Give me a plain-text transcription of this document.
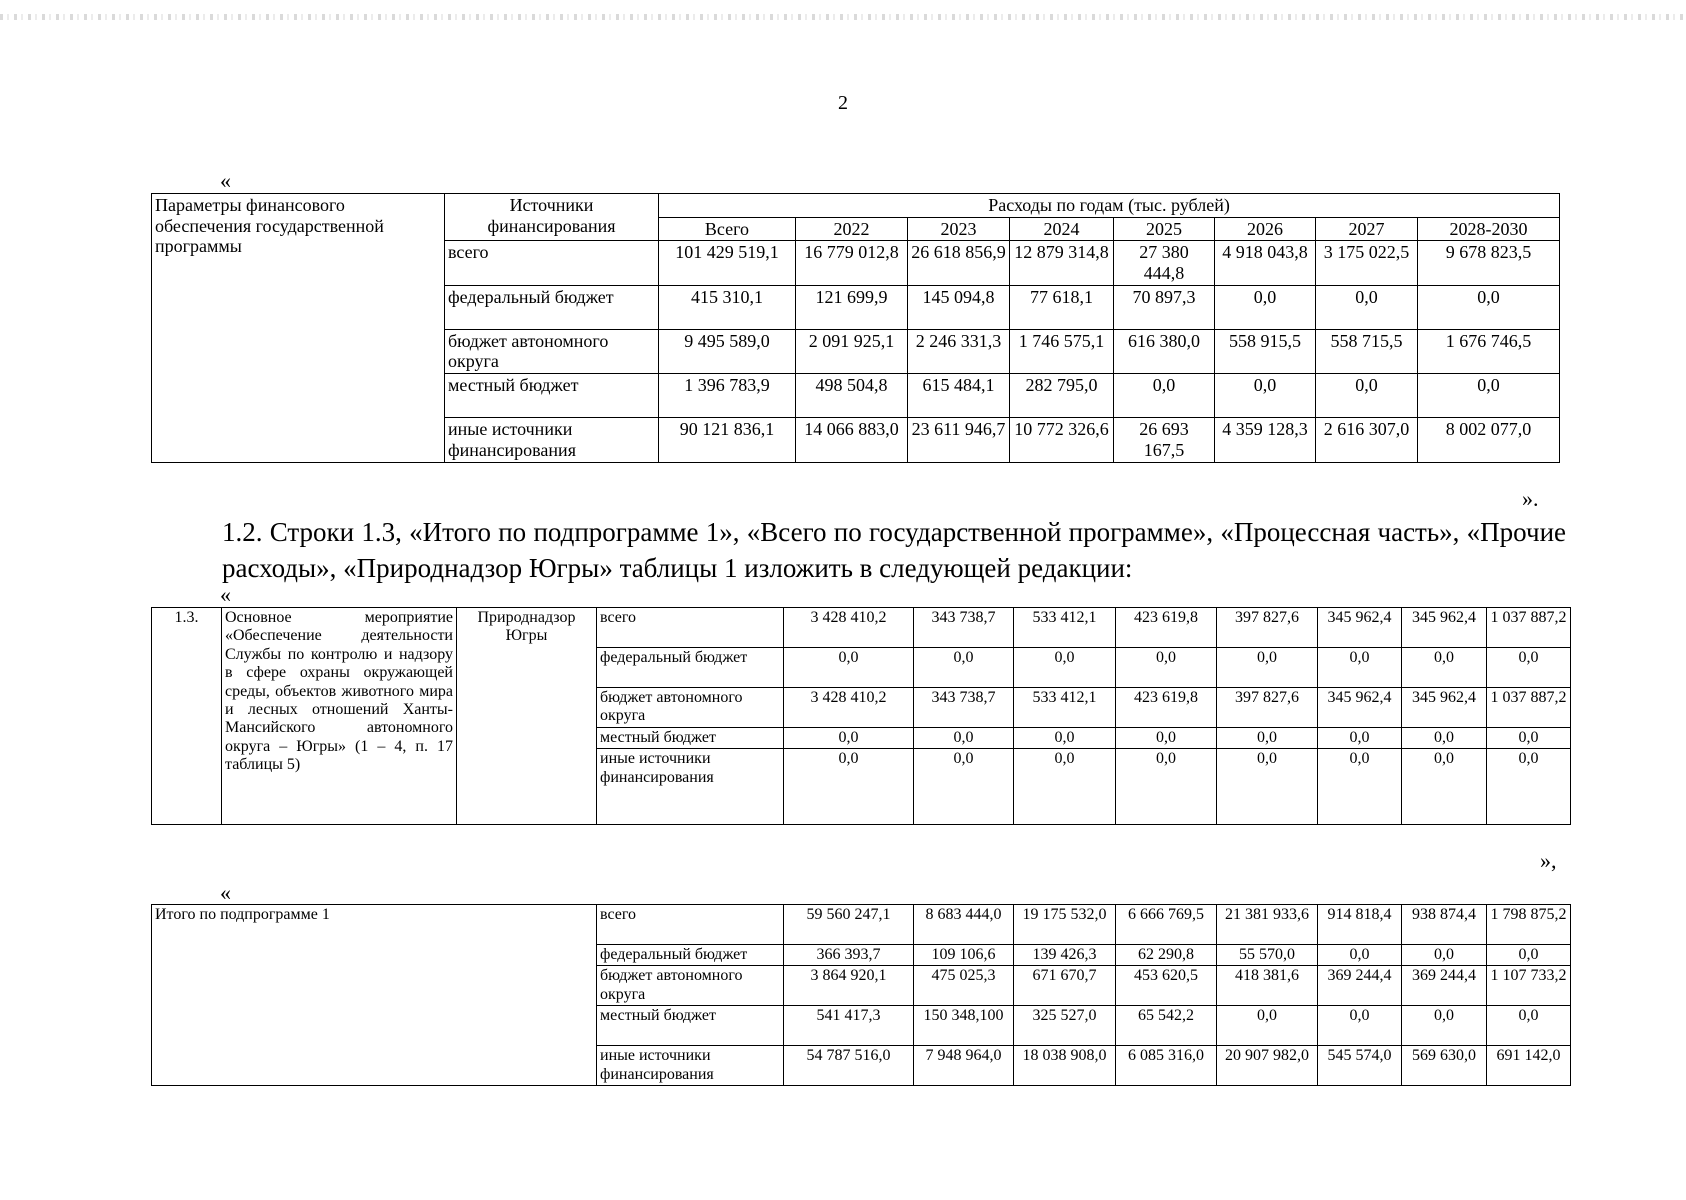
2
«
Параметры финансового обеспечения государственной программы	Источники финансирования	Расходы по годам (тыс. рублей)							
		Всего	2022	2023	2024	2025	2026	2027	2028-2030
	всего	101 429 519,1	16 779 012,8	26 618 856,9	12 879 314,8	27 380 444,8	4 918 043,8	3 175 022,5	9 678 823,5
	федеральный бюджет	415 310,1	121 699,9	145 094,8	77 618,1	70 897,3	0,0	0,0	0,0
	бюджет автономного округа	9 495 589,0	2 091 925,1	2 246 331,3	1 746 575,1	616 380,0	558 915,5	558 715,5	1 676 746,5
	местный бюджет	1 396 783,9	498 504,8	615 484,1	282 795,0	0,0	0,0	0,0	0,0
	иные источники финансирования	90 121 836,1	14 066 883,0	23 611 946,7	10 772 326,6	26 693 167,5	4 359 128,3	2 616 307,0	8 002 077,0
».
1.2. Строки 1.3, «Итого по подпрограмме 1», «Всего по государственной программе», «Процессная часть», «Прочие расходы», «Природнадзор Югры» таблицы 1 изложить в следующей редакции:
«
1.3.	Основное мероприятие «Обеспечение деятельности Службы по контролю и надзору в сфере охраны окружающей среды, объектов животного мира и лесных отношений Ханты-Мансийского автономного округа – Югры» (1 – 4, п. 17 таблицы 5)	Природнадзор Югры	всего	3 428 410,2	343 738,7	533 412,1	423 619,8	397 827,6	345 962,4	345 962,4	1 037 887,2
			федеральный бюджет	0,0	0,0	0,0	0,0	0,0	0,0	0,0	0,0
			бюджет автономного округа	3 428 410,2	343 738,7	533 412,1	423 619,8	397 827,6	345 962,4	345 962,4	1 037 887,2
			местный бюджет	0,0	0,0	0,0	0,0	0,0	0,0	0,0	0,0
			иные источники финансирования	0,0	0,0	0,0	0,0	0,0	0,0	0,0	0,0
»,
«
Итого по подпрограмме 1	всего	59 560 247,1	8 683 444,0	19 175 532,0	6 666 769,5	21 381 933,6	914 818,4	938 874,4	1 798 875,2
	федеральный бюджет	366 393,7	109 106,6	139 426,3	62 290,8	55 570,0	0,0	0,0	0,0
	бюджет автономного округа	3 864 920,1	475 025,3	671 670,7	453 620,5	418 381,6	369 244,4	369 244,4	1 107 733,2
	местный бюджет	541 417,3	150 348,100	325 527,0	65 542,2	0,0	0,0	0,0	0,0
	иные источники финансирования	54 787 516,0	7 948 964,0	18 038 908,0	6 085 316,0	20 907 982,0	545 574,0	569 630,0	691 142,0
